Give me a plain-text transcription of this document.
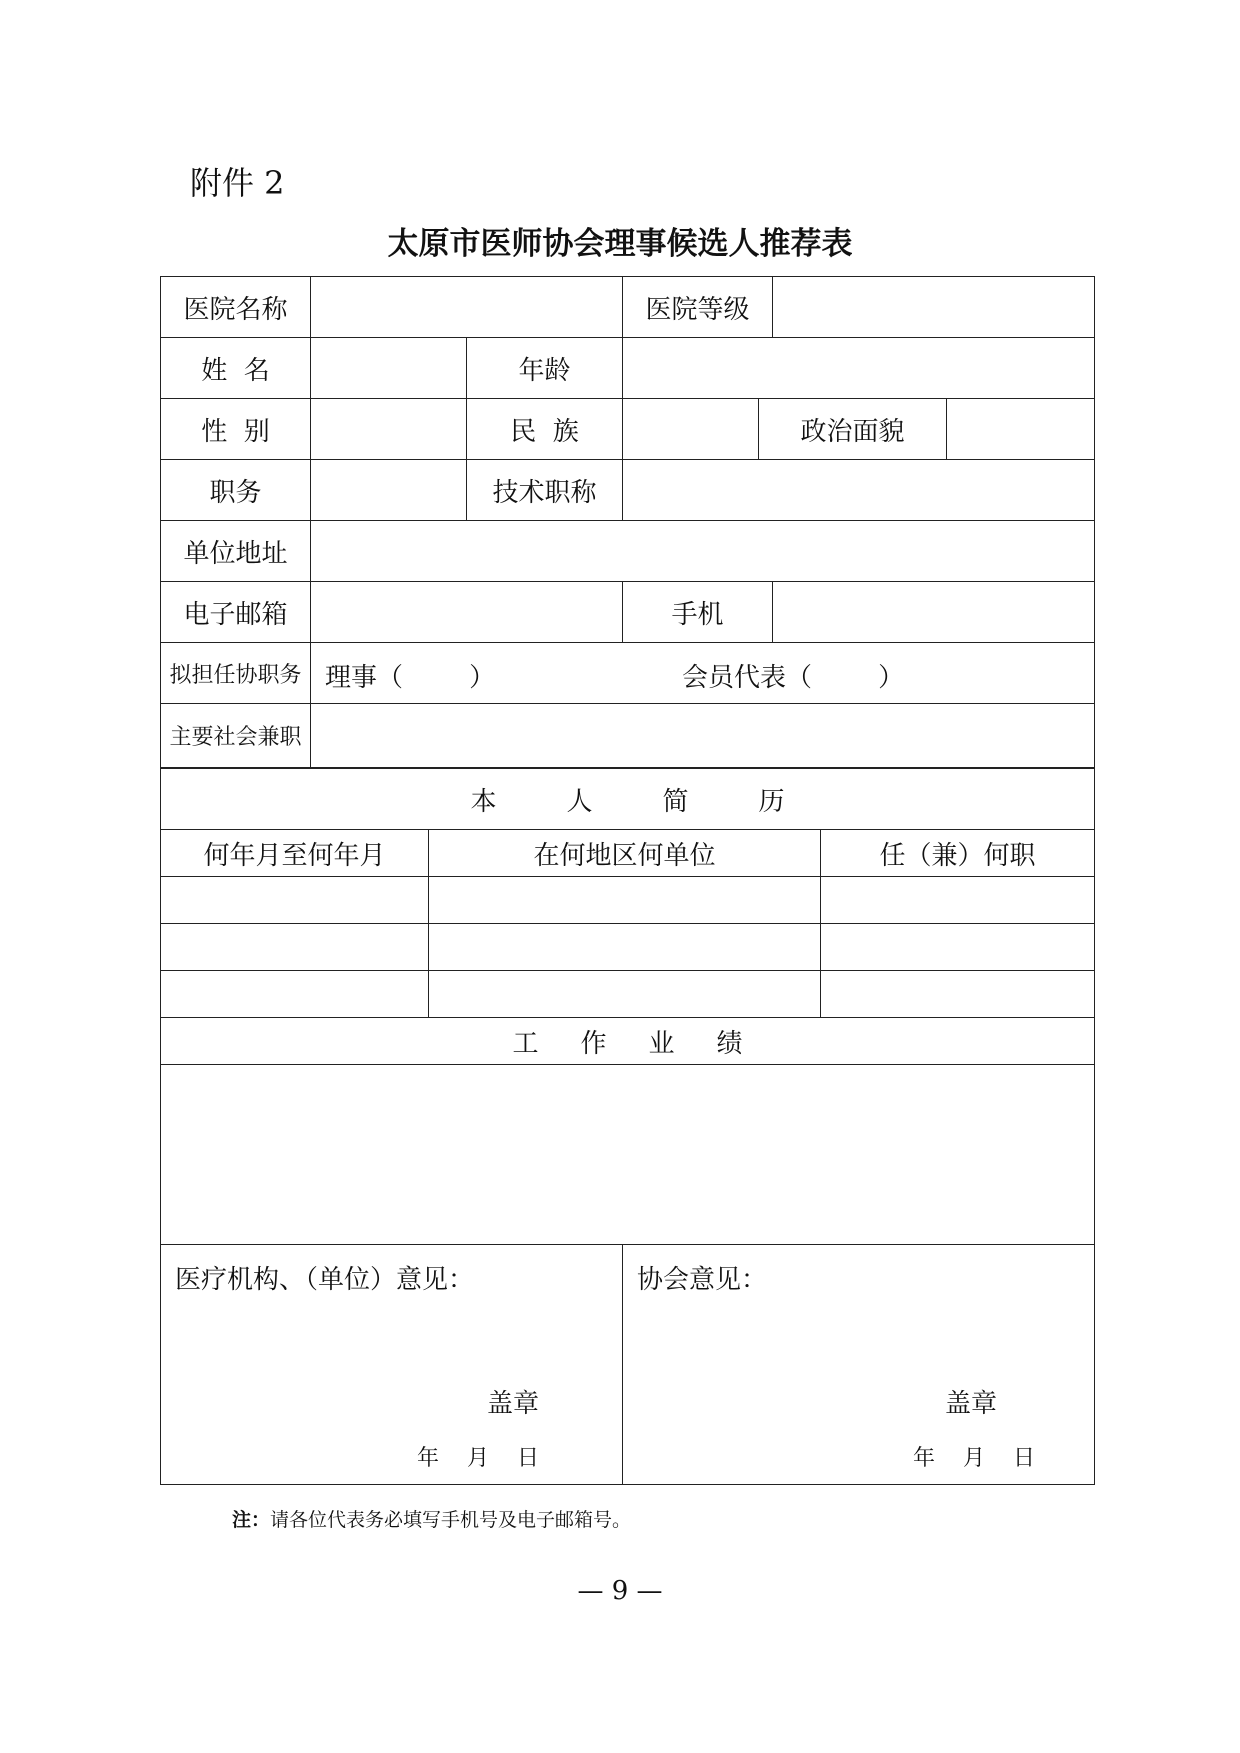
附件 2
太原市医师协会理事候选人推荐表
医院名称			医院等级			
姓  名		年龄				
性  别		民  族		政治面貌		
职务		技术职称				
单位地址						
电子邮箱			手机			
拟担任协职务	理事（        ） 会员代表（        ）					

主要社会兼职						
本 人 简 历		
何年月至何年月	在何地区何单位	任（兼）何职

工 作 业 绩

医疗机构、（单位）意见：
盖章
年    月    日

协会意见：
盖章
年    月    日
注：请各位代表务必填写手机号及电子邮箱号。
— 9 —
